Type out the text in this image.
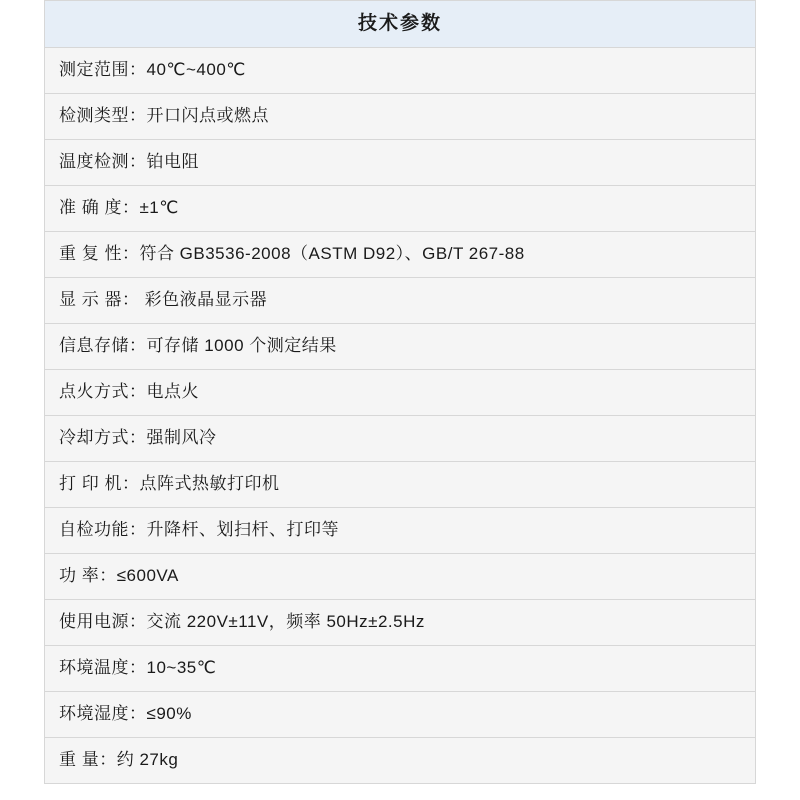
技术参数
测定范围：40℃~400℃
检测类型：开口闪点或燃点
温度检测：铂电阻
准 确 度：±1℃
重 复 性：符合 GB3536-2008（ASTM D92）、GB/T 267-88
显 示 器： 彩色液晶显示器
信息存储：可存储 1000 个测定结果
点火方式：电点火
冷却方式：强制风冷
打 印 机：点阵式热敏打印机
自检功能：升降杆、划扫杆、打印等
功 率：≤600VA
使用电源：交流 220V±11V，频率 50Hz±2.5Hz
环境温度：10~35℃
环境湿度：≤90%
重 量：约 27kg
